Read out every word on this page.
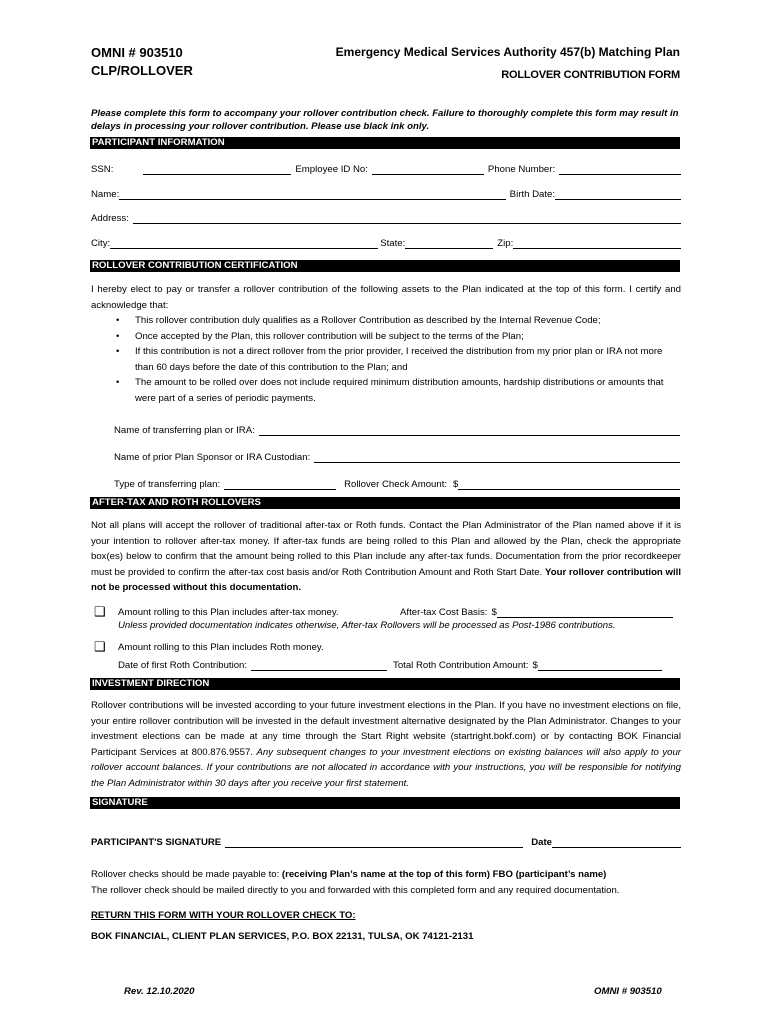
OMNI # 903510
CLP/ROLLOVER
Emergency Medical Services Authority 457(b) Matching Plan
ROLLOVER CONTRIBUTION FORM
Please complete this form to accompany your rollover contribution check. Failure to thoroughly complete this form may result in delays in processing your rollover contribution. Please use black ink only.
PARTICIPANT INFORMATION
SSN:	Employee ID No:	Phone Number:
Name:	Birth Date:
Address:
City:	State:	Zip:
ROLLOVER CONTRIBUTION CERTIFICATION
I hereby elect to pay or transfer a rollover contribution of the following assets to the Plan indicated at the top of this form. I certify and acknowledge that:
• This rollover contribution duly qualifies as a Rollover Contribution as described by the Internal Revenue Code;
• Once accepted by the Plan, this rollover contribution will be subject to the terms of the Plan;
• If this contribution is not a direct rollover from the prior provider, I received the distribution from my prior plan or IRA not more than 60 days before the date of this contribution to the Plan; and
• The amount to be rolled over does not include required minimum distribution amounts, hardship distributions or amounts that were part of a series of periodic payments.
Name of transferring plan or IRA:
Name of prior Plan Sponsor or IRA Custodian:
Type of transferring plan:	Rollover Check Amount: $
AFTER-TAX AND ROTH ROLLOVERS
Not all plans will accept the rollover of traditional after-tax or Roth funds. Contact the Plan Administrator of the Plan named above if it is your intention to rollover after-tax money. If after-tax funds are being rolled to this Plan and allowed by the Plan, check the appropriate box(es) below to confirm that the amount being rolled to this Plan include any after-tax funds. Documentation from the prior recordkeeper must be provided to confirm the after-tax cost basis and/or Roth Contribution Amount and Roth Start Date. Your rollover contribution will not be processed without this documentation.
❑	Amount rolling to this Plan includes after-tax money.	After-tax Cost Basis: $
Unless provided documentation indicates otherwise, After-tax Rollovers will be processed as Post-1986 contributions.
❑	Amount rolling to this Plan includes Roth money.
Date of first Roth Contribution:	Total Roth Contribution Amount: $
INVESTMENT DIRECTION
Rollover contributions will be invested according to your future investment elections in the Plan. If you have no investment elections on file, your entire rollover contribution will be invested in the default investment alternative designated by the Plan Administrator. Changes to your investment elections can be made at any time through the Start Right website (startright.bokf.com) or by contacting BOK Financial Participant Services at 800.876.9557. Any subsequent changes to your investment elections on existing balances will also apply to your rollover account balances. If your contributions are not allocated in accordance with your instructions, you will be responsible for notifying the Plan Administrator within 30 days after you receive your first statement.
SIGNATURE
PARTICIPANT'S SIGNATURE	Date
Rollover checks should be made payable to: (receiving Plan’s name at the top of this form) FBO (participant’s name)
The rollover check should be mailed directly to you and forwarded with this completed form and any required documentation.
RETURN THIS FORM WITH YOUR ROLLOVER CHECK TO:
BOK FINANCIAL, CLIENT PLAN SERVICES, P.O. BOX 22131, TULSA, OK 74121-2131
Rev. 12.10.2020	OMNI # 903510
